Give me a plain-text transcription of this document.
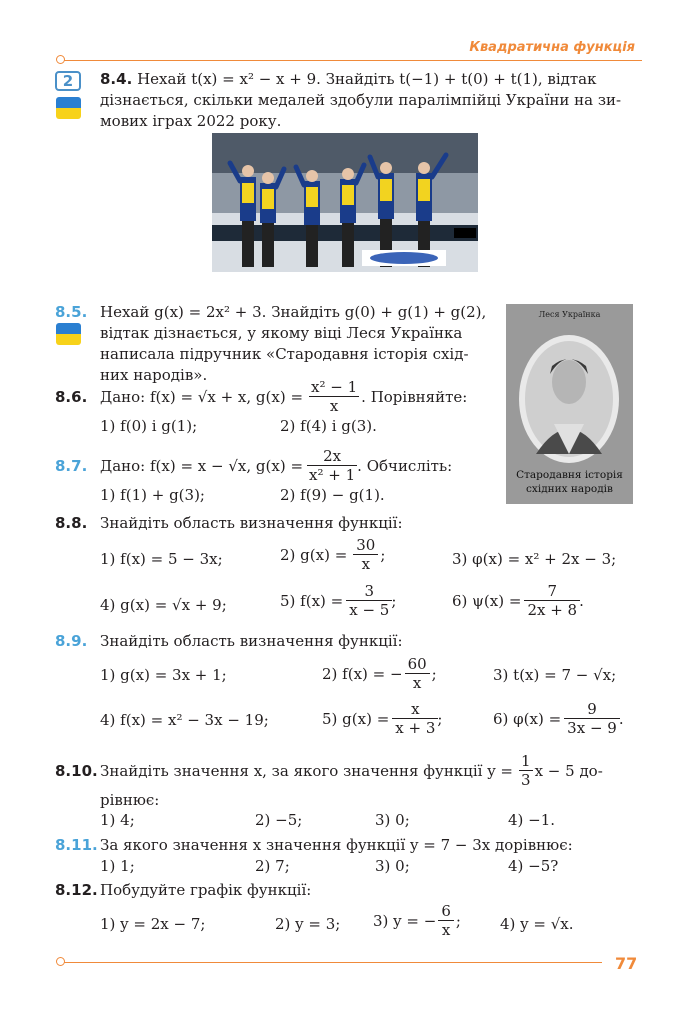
Квадратична функція
77
2	8.4. Нехай t(x) = x² − x + 9. Знайдіть t(−1) + t(0) + t(1), відтак
дізнається, скільки медалей здобули паралімпійці України на зи-
мових іграх 2022 року.
8.5. Нехай g(x) = 2x² + 3. Знайдіть g(0) + g(1) + g(2),
відтак дізнається, у якому віці Леся Українка
написала підручник «Стародавня історія схід-
них народів».
Леся Українка
Стародавня історія
східних народів
8.6. Дано: f(x) = √x + x, $g(x) = \frac{\text{x² − 1}}{x}$ . Порівняйте:
1) f(0) і g(1);	2) f(4) і g(3).
8.7. Дано: f(x) = x − √x, $g(x) = \frac{2x}{\text{x² + 1}}$ . Обчисліть:
1) f(1) + g(3);	2) f(9) − g(1).
8.8. Знайдіть область визначення функції:
1) f(x) = 5 − 3x;	2) $g(x) = \frac{30}{x}$ ;	3) φ(x) = x² + 2x − 3;
4) g(x) = √x + 9;	5) $f(x) = \frac{3}{x - 5}$ ;	6) $\psi(x) = \frac{7}{2x + 8}$ .
8.9. Знайдіть область визначення функції:
1) g(x) = 3x + 1;	2) f(x) = − $\frac{60}{x}$ ;	3) t(x) = 7 − √x;
4) f(x) = x² − 3x − 19;	5) $g(x) = \frac{x}{x + 3}$ ;	6) $\varphi(x) = \frac{9}{3x - 9}$ .
8.10. Знайдіть значення x, за якого значення функції $y = \frac{1}{3}$ x − 5 до-
рівнює:
1) 4;	2) −5;	3) 0;	4) −1.
8.11. За якого значення x значення функції y = 7 − 3x дорівнює:
1) 1;	2) 7;	3) 0;	4) −5?
8.12. Побудуйте графік функції:
1) y = 2x − 7;	2) y = 3; 3) y = − $\frac{6}{x}$ ;	4) y = √x.
